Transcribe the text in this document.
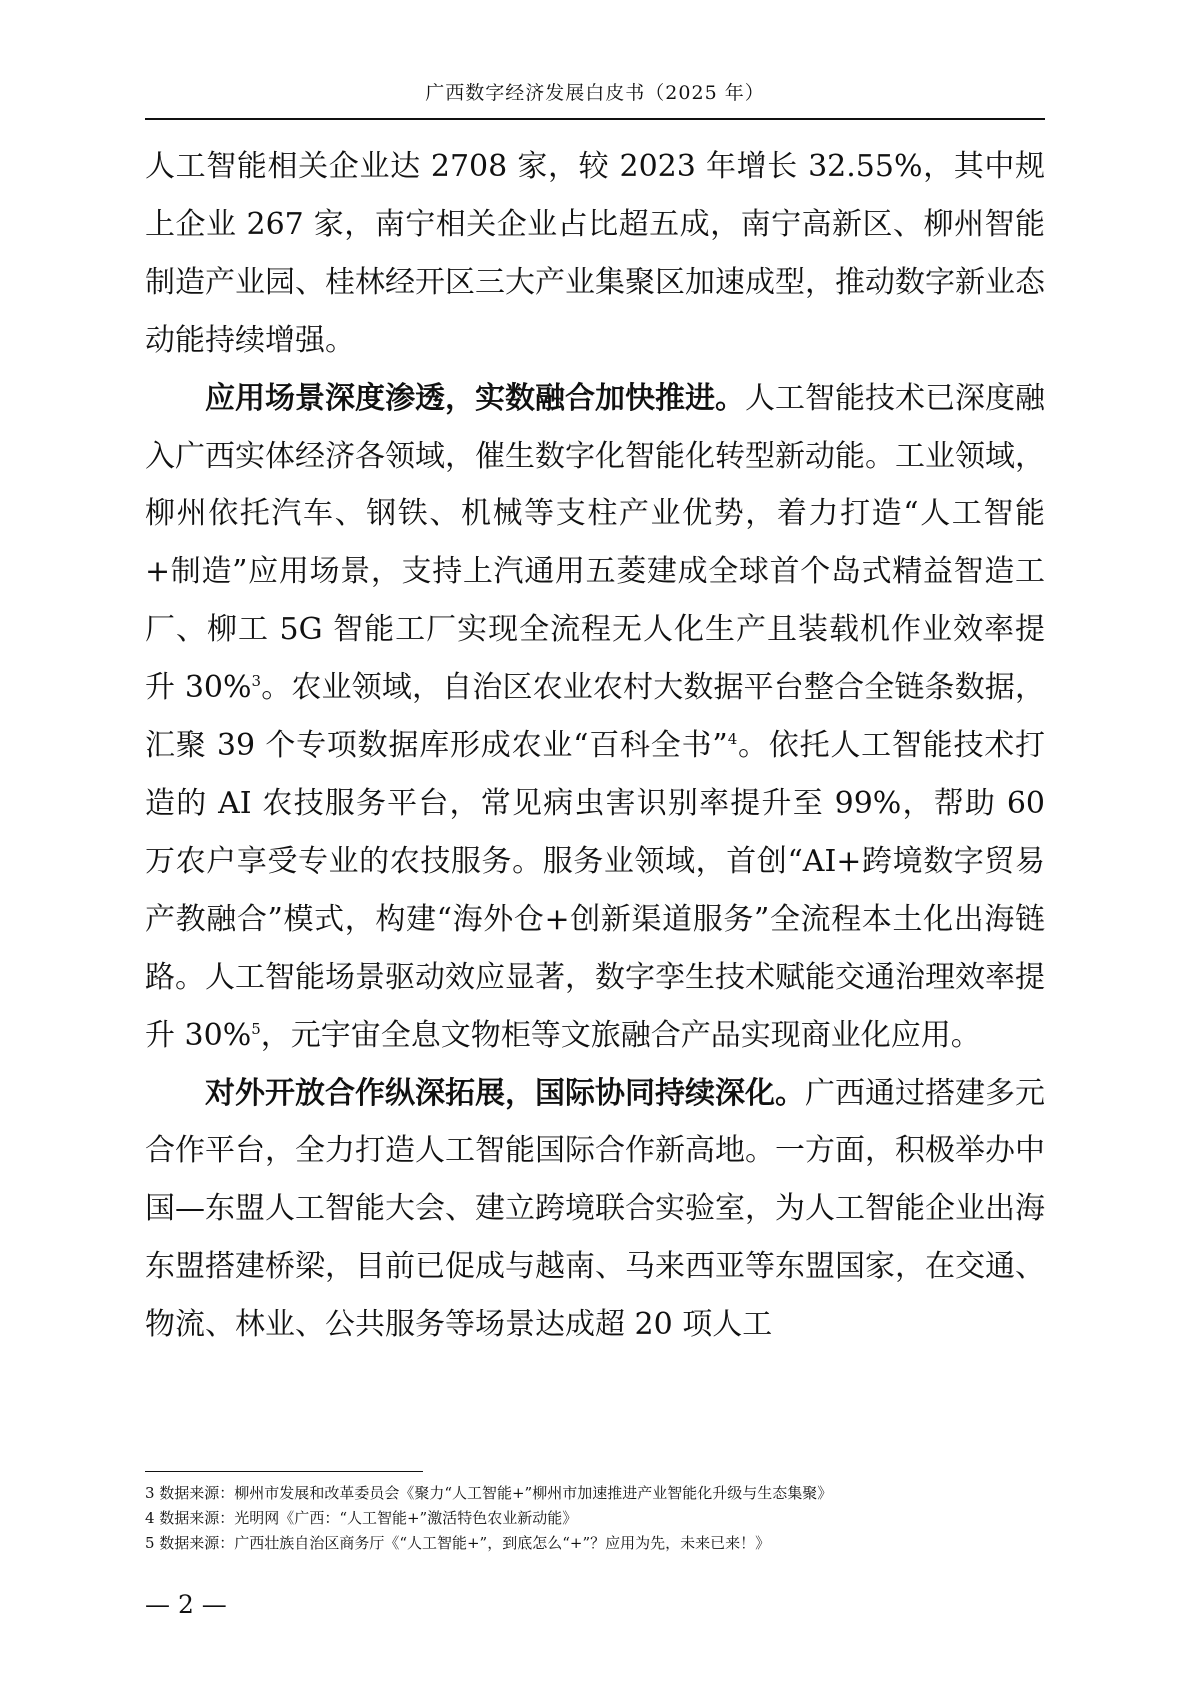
广西数字经济发展白皮书（2025 年）

人工智能相关企业达 2708 家，较 2023 年增长 32.55%，其中规上企业 267 家，南宁相关企业占比超五成，南宁高新区、柳州智能制造产业园、桂林经开区三大产业集聚区加速成型，推动数字新业态动能持续增强。

应用场景深度渗透，实数融合加快推进。人工智能技术已深度融入广西实体经济各领域，催生数字化智能化转型新动能。工业领域，柳州依托汽车、钢铁、机械等支柱产业优势，着力打造“人工智能+制造”应用场景，支持上汽通用五菱建成全球首个岛式精益智造工厂、柳工 5G 智能工厂实现全流程无人化生产且装载机作业效率提升 30%$^3$。农业领域，自治区农业农村大数据平台整合全链条数据，汇聚 39 个专项数据库形成农业“百科全书”$^4$。依托人工智能技术打造的 AI 农技服务平台，常见病虫害识别率提升至 99%，帮助 60 万农户享受专业的农技服务。服务业领域，首创“AI+跨境数字贸易产教融合”模式，构建“海外仓+创新渠道服务”全流程本土化出海链路。人工智能场景驱动效应显著，数字孪生技术赋能交通治理效率提升 30%$^5$，元宇宙全息文物柜等文旅融合产品实现商业化应用。

对外开放合作纵深拓展，国际协同持续深化。广西通过搭建多元合作平台，全力打造人工智能国际合作新高地。一方面，积极举办中国—东盟人工智能大会、建立跨境联合实验室，为人工智能企业出海东盟搭建桥梁，目前已促成与越南、马来西亚等东盟国家，在交通、物流、林业、公共服务等场景达成超 20 项人工

3 数据来源：柳州市发展和改革委员会《聚力“人工智能+”柳州市加速推进产业智能化升级与生态集聚》
4 数据来源：光明网《广西：“人工智能+”激活特色农业新动能》
5 数据来源：广西壮族自治区商务厅《“人工智能+”，到底怎么“+”？应用为先，未来已来！》
— 2 —
